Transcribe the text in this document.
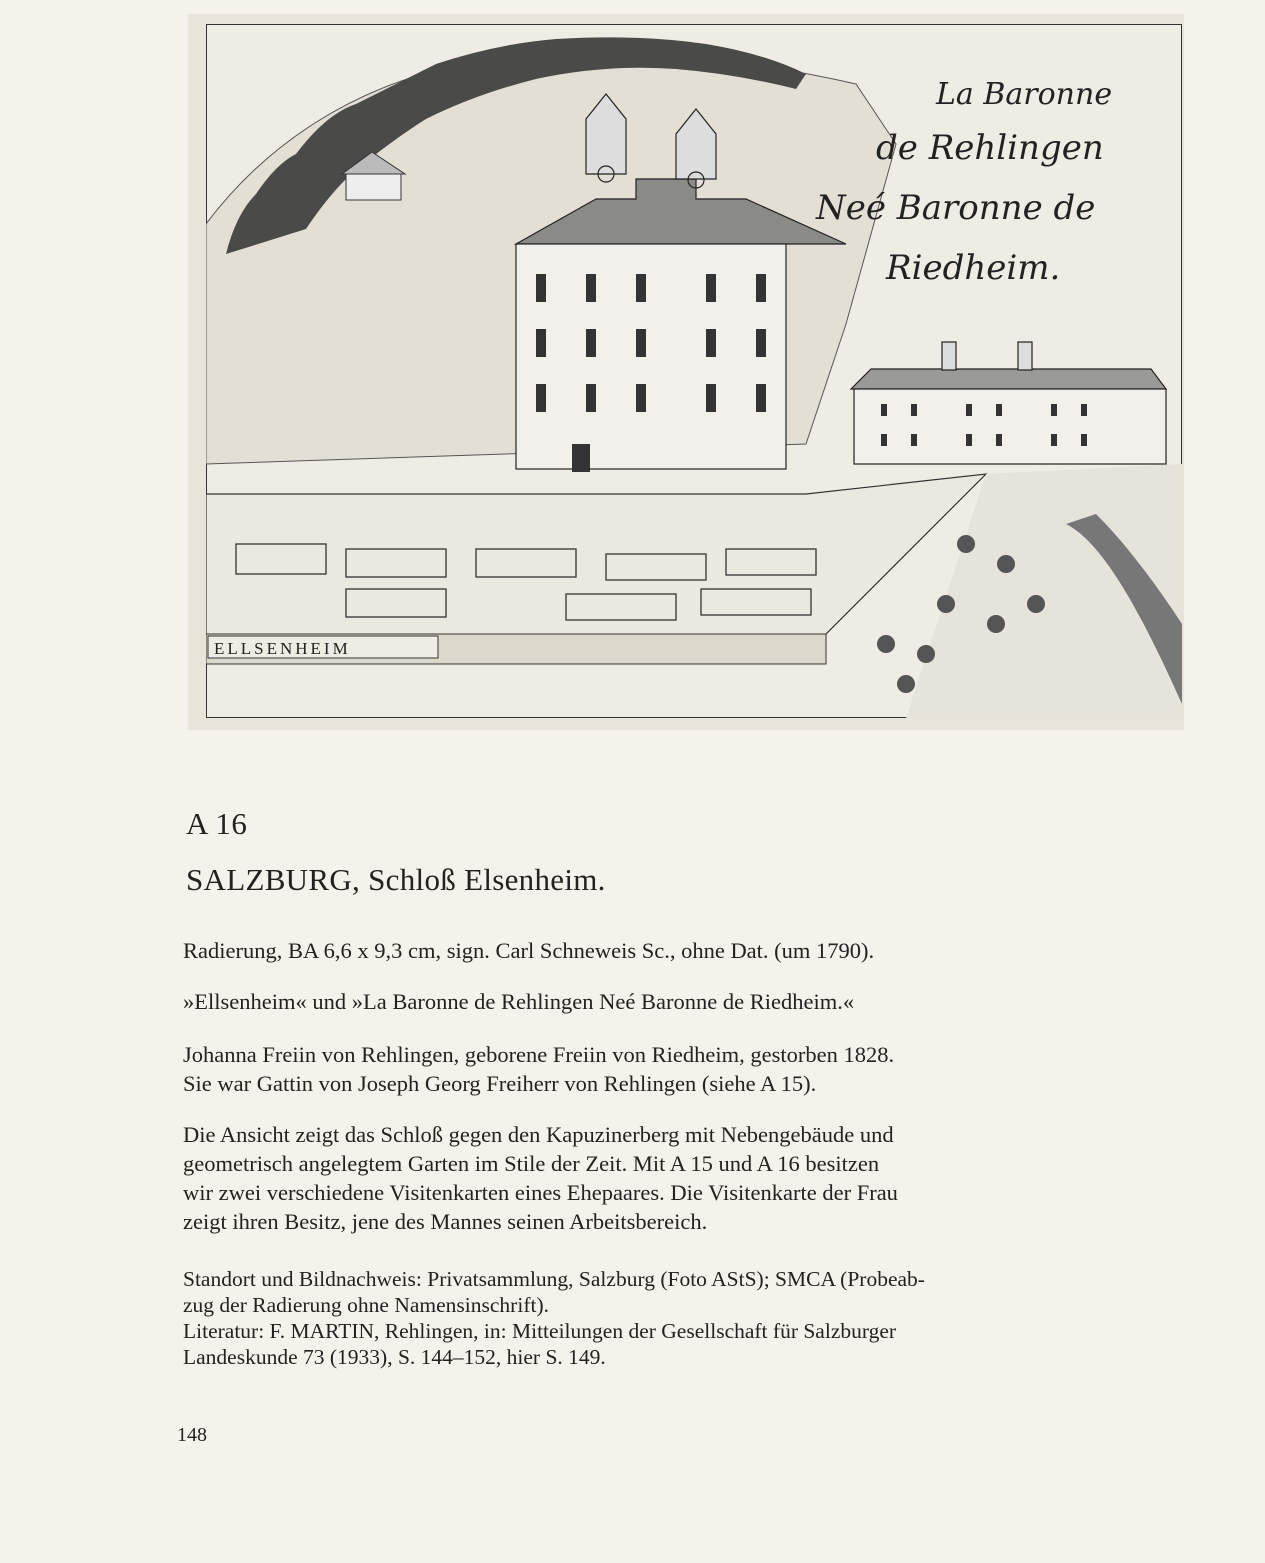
ELLSENHEIM
La Baronne
de Rehlingen
Neé Baronne de
Riedheim.
A 16
SALZBURG, Schloß Elsenheim.
Radierung, BA 6,6 x 9,3 cm, sign. Carl Schneweis Sc., ohne Dat. (um 1790).
»Ellsenheim« und »La Baronne de Rehlingen Neé Baronne de Riedheim.«
Johanna Freiin von Rehlingen, geborene Freiin von Riedheim, gestorben 1828.
Sie war Gattin von Joseph Georg Freiherr von Rehlingen (siehe A 15).
Die Ansicht zeigt das Schloß gegen den Kapuzinerberg mit Nebengebäude und
geometrisch angelegtem Garten im Stile der Zeit. Mit A 15 und A 16 besitzen
wir zwei verschiedene Visitenkarten eines Ehepaares. Die Visitenkarte der Frau
zeigt ihren Besitz, jene des Mannes seinen Arbeitsbereich.
Standort und Bildnachweis: Privatsammlung, Salzburg (Foto AStS); SMCA (Probeab-
zug der Radierung ohne Namensinschrift).
Literatur: F. MARTIN, Rehlingen, in: Mitteilungen der Gesellschaft für Salzburger
Landeskunde 73 (1933), S. 144–152, hier S. 149.
148
